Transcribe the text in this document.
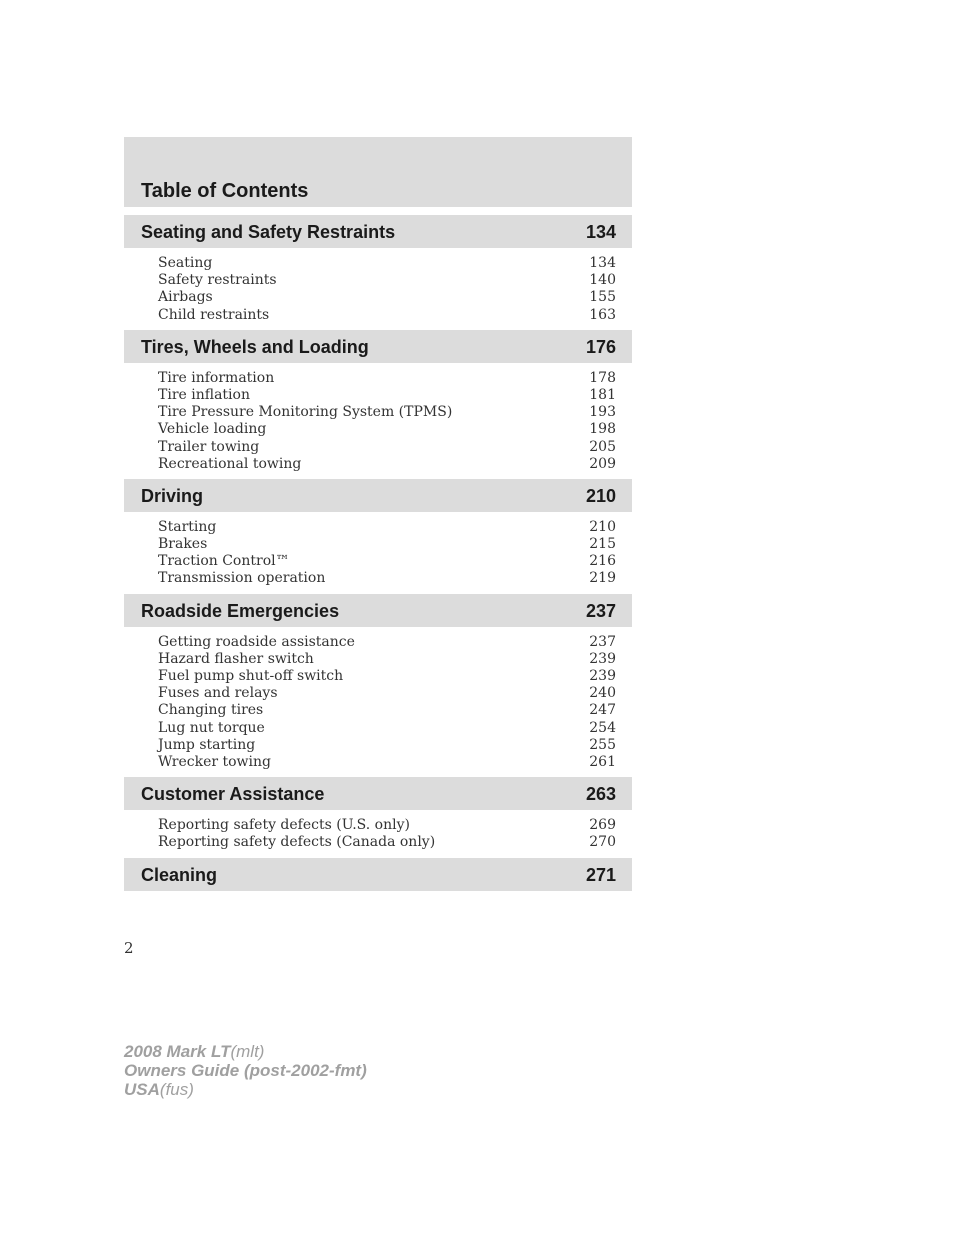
Table of Contents
Seating and Safety Restraints	134
Seating	134
Safety restraints	140
Airbags	155
Child restraints	163
Tires, Wheels and Loading	176
Tire information	178
Tire inflation	181
Tire Pressure Monitoring System (TPMS)	193
Vehicle loading	198
Trailer towing	205
Recreational towing	209
Driving	210
Starting	210
Brakes	215
Traction Control™	216
Transmission operation	219
Roadside Emergencies	237
Getting roadside assistance	237
Hazard flasher switch	239
Fuel pump shut-off switch	239
Fuses and relays	240
Changing tires	247
Lug nut torque	254
Jump starting	255
Wrecker towing	261
Customer Assistance	263
Reporting safety defects (U.S. only)	269
Reporting safety defects (Canada only)	270
Cleaning	271
2
2008 Mark LT(mlt)
Owners Guide (post-2002-fmt)
USA(fus)
